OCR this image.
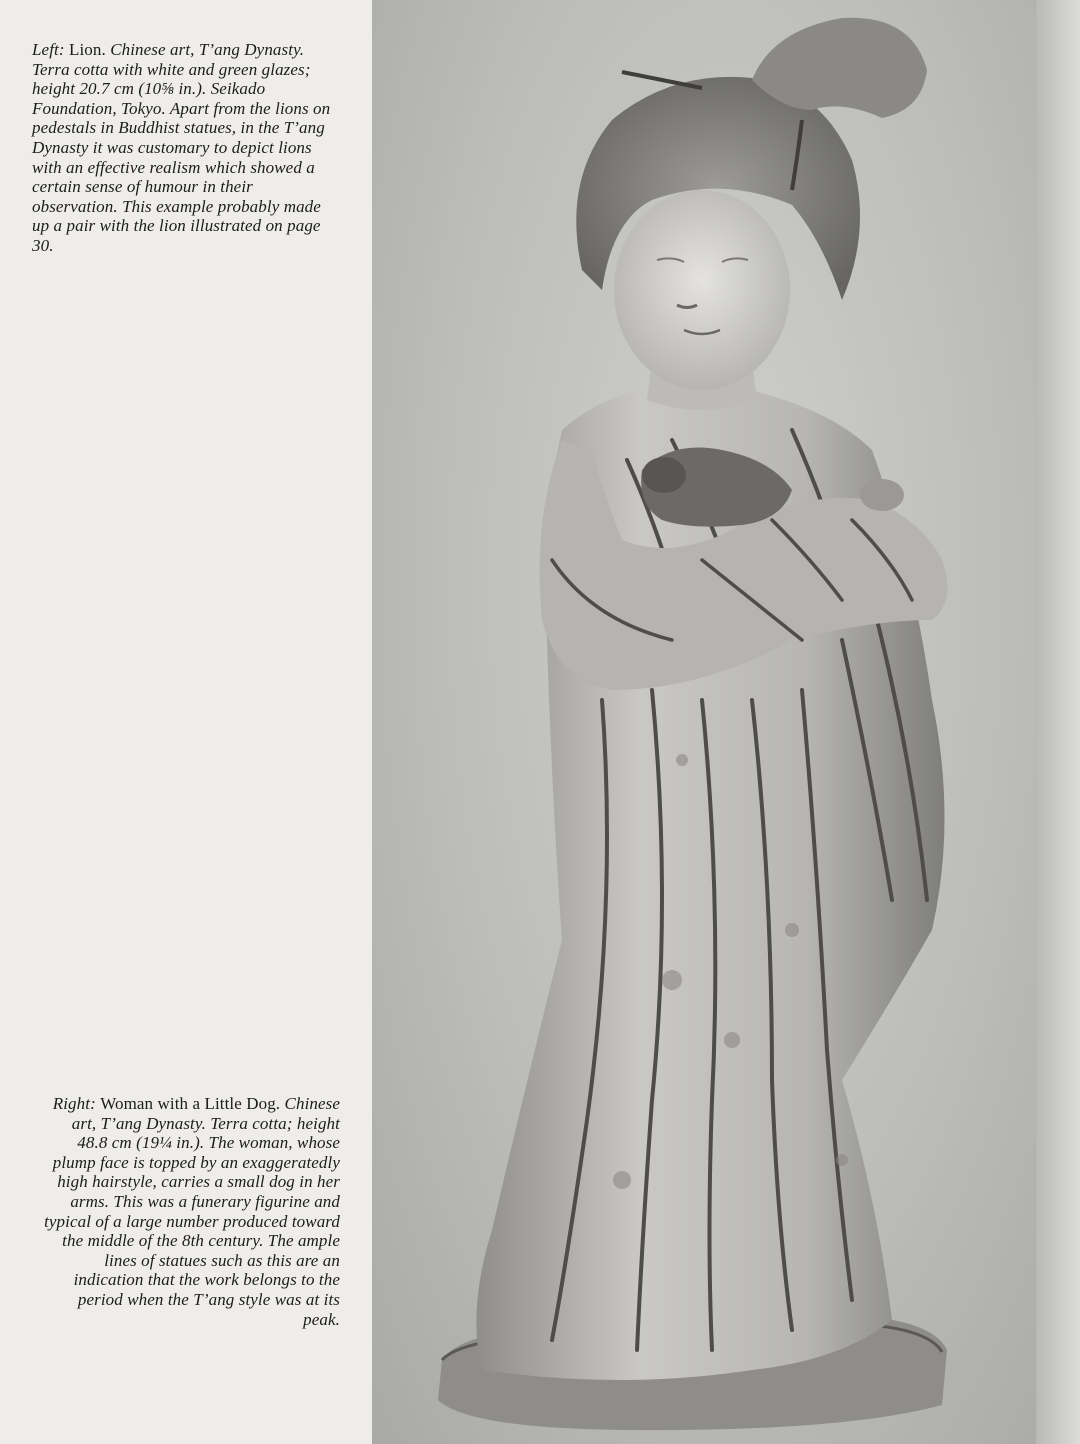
Left: Lion. Chinese art, T’ang Dynasty. Terra cotta with white and green glazes; height 20.7 cm (10⅝ in.). Seikado Foundation, Tokyo. Apart from the lions on pedestals in Buddhist statues, in the T’ang Dynasty it was customary to depict lions with an effective realism which showed a certain sense of humour in their observation. This example probably made up a pair with the lion illustrated on page 30.
Right: Woman with a Little Dog. Chinese art, T’ang Dynasty. Terra cotta; height 48.8 cm (19¼ in.). The woman, whose plump face is topped by an exaggeratedly high hairstyle, carries a small dog in her arms. This was a funerary figurine and typical of a large number produced toward the middle of the 8th century. The ample lines of statues such as this are an indication that the work belongs to the period when the T’ang style was at its peak.
